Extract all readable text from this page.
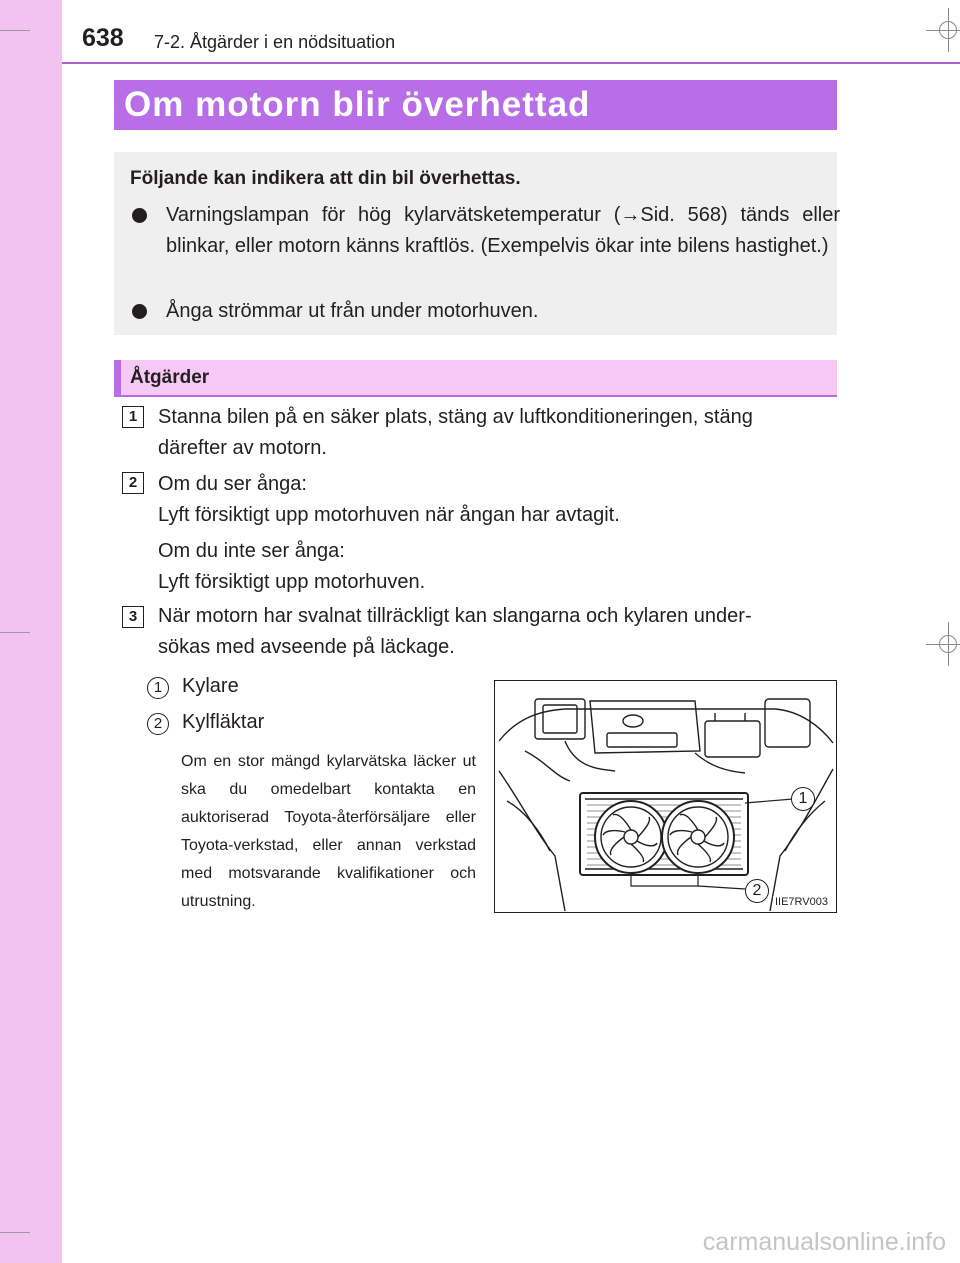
638 7-2. Åtgärder i en nödsituation
Om motorn blir överhettad
Följande kan indikera att din bil överhettas.
Varningslampan för hög kylarvätsketemperatur (→Sid. 568) tänds eller blinkar, eller motorn känns kraftlös. (Exempelvis ökar inte bilens hastighet.)
Ånga strömmar ut från under motorhuven.
Åtgärder
1	Stanna bilen på en säker plats, stäng av luftkonditioneringen, stäng
därefter av motorn.
2	Om du ser ånga:
Lyft försiktigt upp motorhuven när ångan har avtagit.
Om du inte ser ånga:
Lyft försiktigt upp motorhuven.
3	När motorn har svalnat tillräckligt kan slangarna och kylaren under-
sökas med avseende på läckage.
1 Kylare
2 Kylfläktar
Om en stor mängd kylarvätska läcker ut ska du omedelbart kontakta en auktoriserad Toyota-återförsäljare eller Toyota-verkstad, eller annan verkstad med motsvarande kvalifikationer och utrustning.
1
2
IIE7RV003
carmanualsonline.info
